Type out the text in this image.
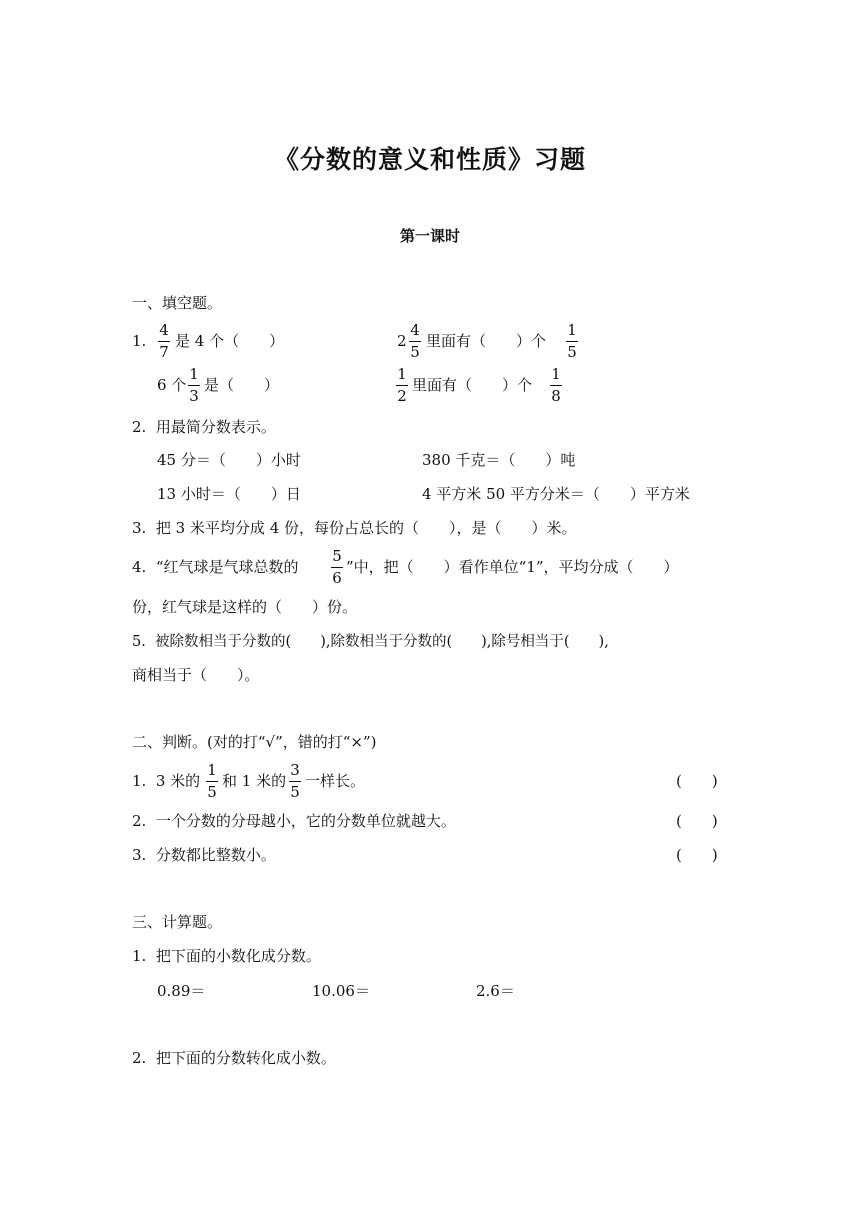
《分数的意义和性质》习题
第一课时
一、填空题。
1. $\frac{4}{7}$ 是 4 个（　　）	$2 \frac{4}{5}$ 里面有（　　）个 $\frac{1}{5}$
6 个 $\frac{1}{3}$ 是（　　）	$\frac{1}{2}$ 里面有（　　）个 $\frac{1}{8}$
2.  用最简分数表示。
45 分＝（　　）小时	380 千克＝（　　）吨
13 小时＝（　　）日	4 平方米 50 平方分米＝（　　）平方米
3.  把 3 米平均分成 4 份，每份占总长的（　　），是（　　）米。
4.  “红气球是气球总数的 $\frac{5}{6}$ ”中，把（　　）看作单位“1”，平均分成（　　）
份，红气球是这样的（　　）份。
5.  被除数相当于分数的(　　),除数相当于分数的(　　),除号相当于(　　),
商相当于（　　）。
二、判断。(对的打“√”，错的打“×”)
1.  3 米的 $\frac{1}{5}$ 和 1 米的 $\frac{3}{5}$ 一样长。	(　　)
2.  一个分数的分母越小，它的分数单位就越大。	(　　)
3.  分数都比整数小。	(　　)
三、计算题。
1.  把下面的小数化成分数。
0.89＝	10.06＝	2.6＝
2.  把下面的分数转化成小数。
